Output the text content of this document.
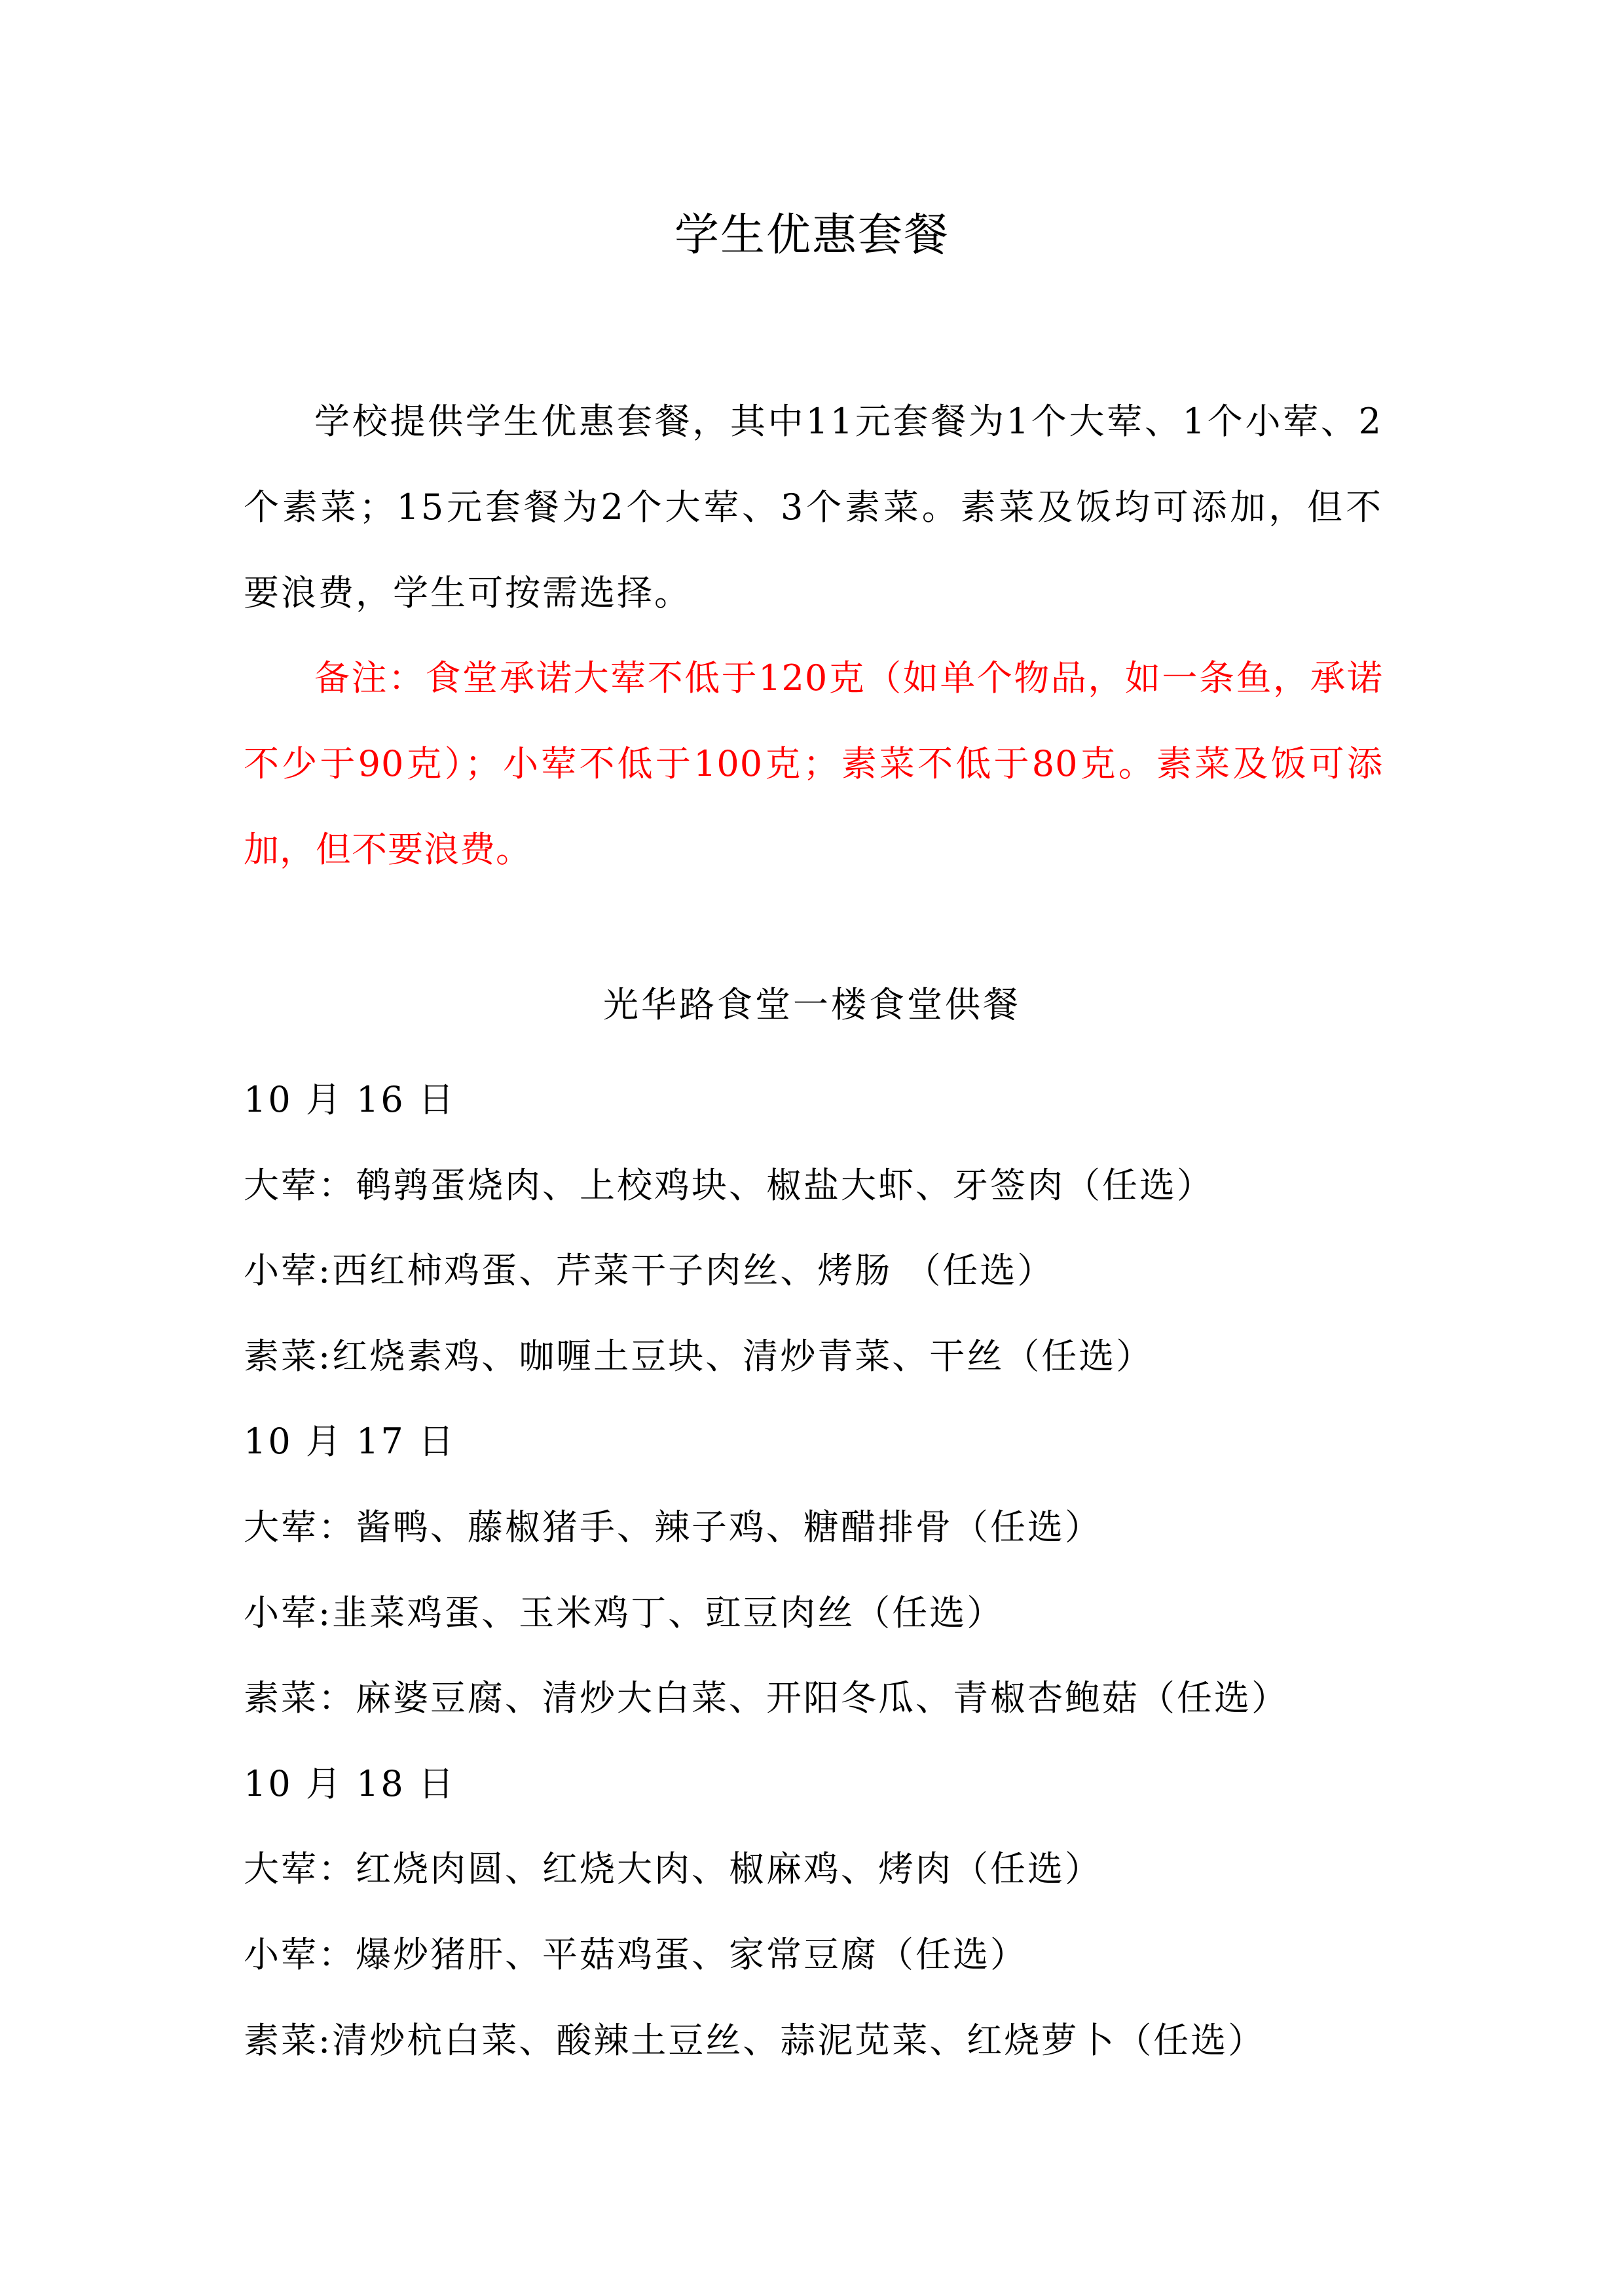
学生优惠套餐

学校提供学生优惠套餐，其中11元套餐为1个大荤、1个小荤、2个素菜；15元套餐为2个大荤、3个素菜。素菜及饭均可添加，但不要浪费，学生可按需选择。

备注：食堂承诺大荤不低于120克（如单个物品，如一条鱼，承诺不少于90克）；小荤不低于100克；素菜不低于80克。素菜及饭可添加，但不要浪费。

光华路食堂一楼食堂供餐
10 月 16 日
大荤：鹌鹑蛋烧肉、上校鸡块、椒盐大虾、牙签肉（任选）
小荤:西红柿鸡蛋、芹菜干子肉丝、烤肠 （任选）
素菜:红烧素鸡、咖喱土豆块、清炒青菜、干丝（任选）
10 月 17 日
大荤：酱鸭、藤椒猪手、辣子鸡、糖醋排骨（任选）
小荤:韭菜鸡蛋、玉米鸡丁、豇豆肉丝（任选）
素菜：麻婆豆腐、清炒大白菜、开阳冬瓜、青椒杏鲍菇（任选）
10 月 18 日
大荤：红烧肉圆、红烧大肉、椒麻鸡、烤肉（任选）
小荤：爆炒猪肝、平菇鸡蛋、家常豆腐（任选）
素菜:清炒杭白菜、酸辣土豆丝、蒜泥苋菜、红烧萝卜（任选）
